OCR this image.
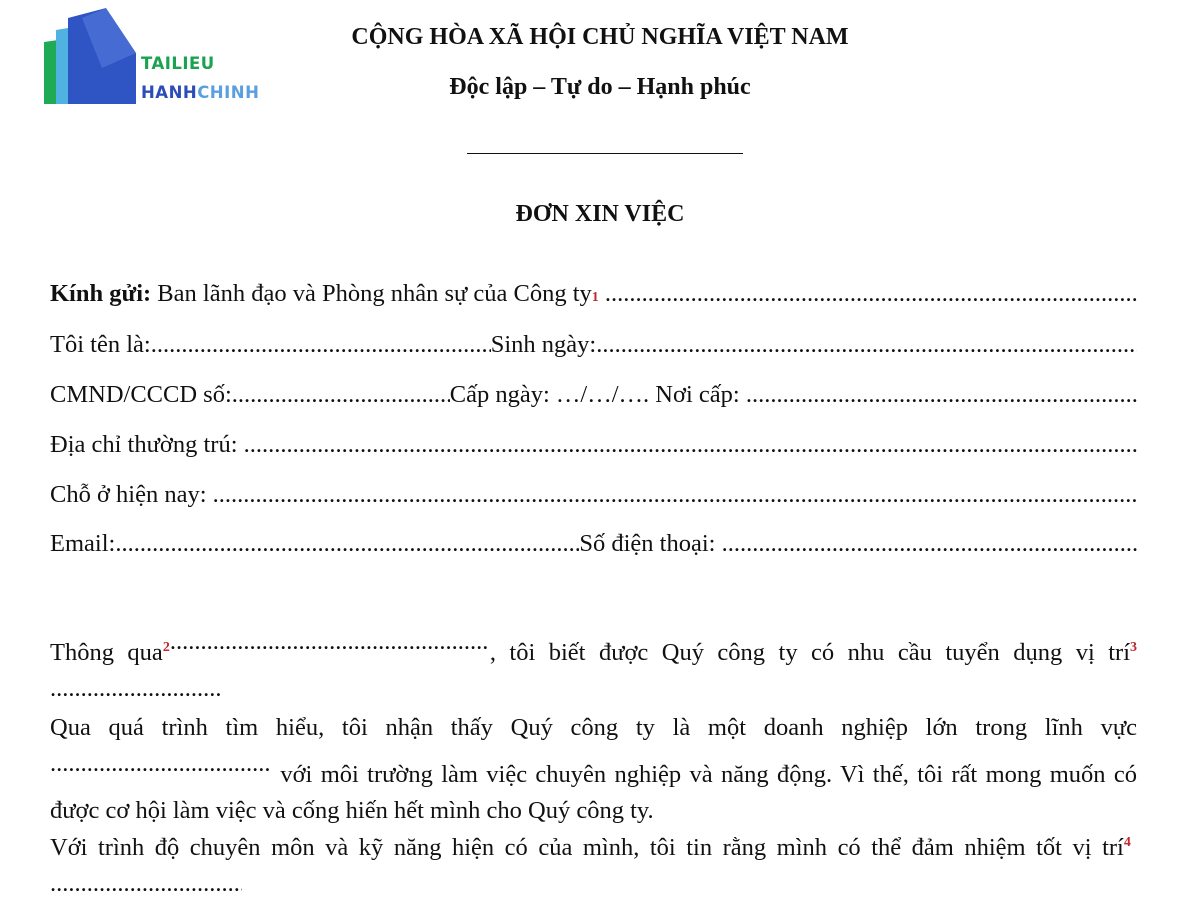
TAILIEU
HANHCHINH
CỘNG HÒA XÃ HỘI CHỦ NGHĨA VIỆT NAM
Độc lập – Tự do – Hạnh phúc
ĐƠN XIN VIỆC
Kính gửi:
Ban lãnh đạo và Phòng nhân sự của Công ty 1

.....
Tôi tên là: .....	Sinh ngày:
.....
CMND/CCCD số: .....	Cấp ngày:
…/…/….
Nơi cấp:

.....
Địa chỉ thường trú:

.....
Chỗ ở hiện nay:

.....
Email: .....	Số điện thoại:

.....
Thông qua$^2$ .....	, tôi biết được Quý công ty có nhu cầu tuyển dụng vị trí$^3$.....
Qua quá trình tìm hiểu, tôi nhận thấy Quý công ty là một doanh nghiệp lớn trong lĩnh vực ..... với môi trường làm việc chuyên nghiệp và năng động. Vì thế, tôi rất mong muốn có được cơ hội làm việc và cống hiến hết mình cho Quý công ty.
Với trình độ chuyên môn và kỹ năng hiện có của mình, tôi tin rằng mình có thể đảm nhiệm tốt vị trí$^4$ .....
